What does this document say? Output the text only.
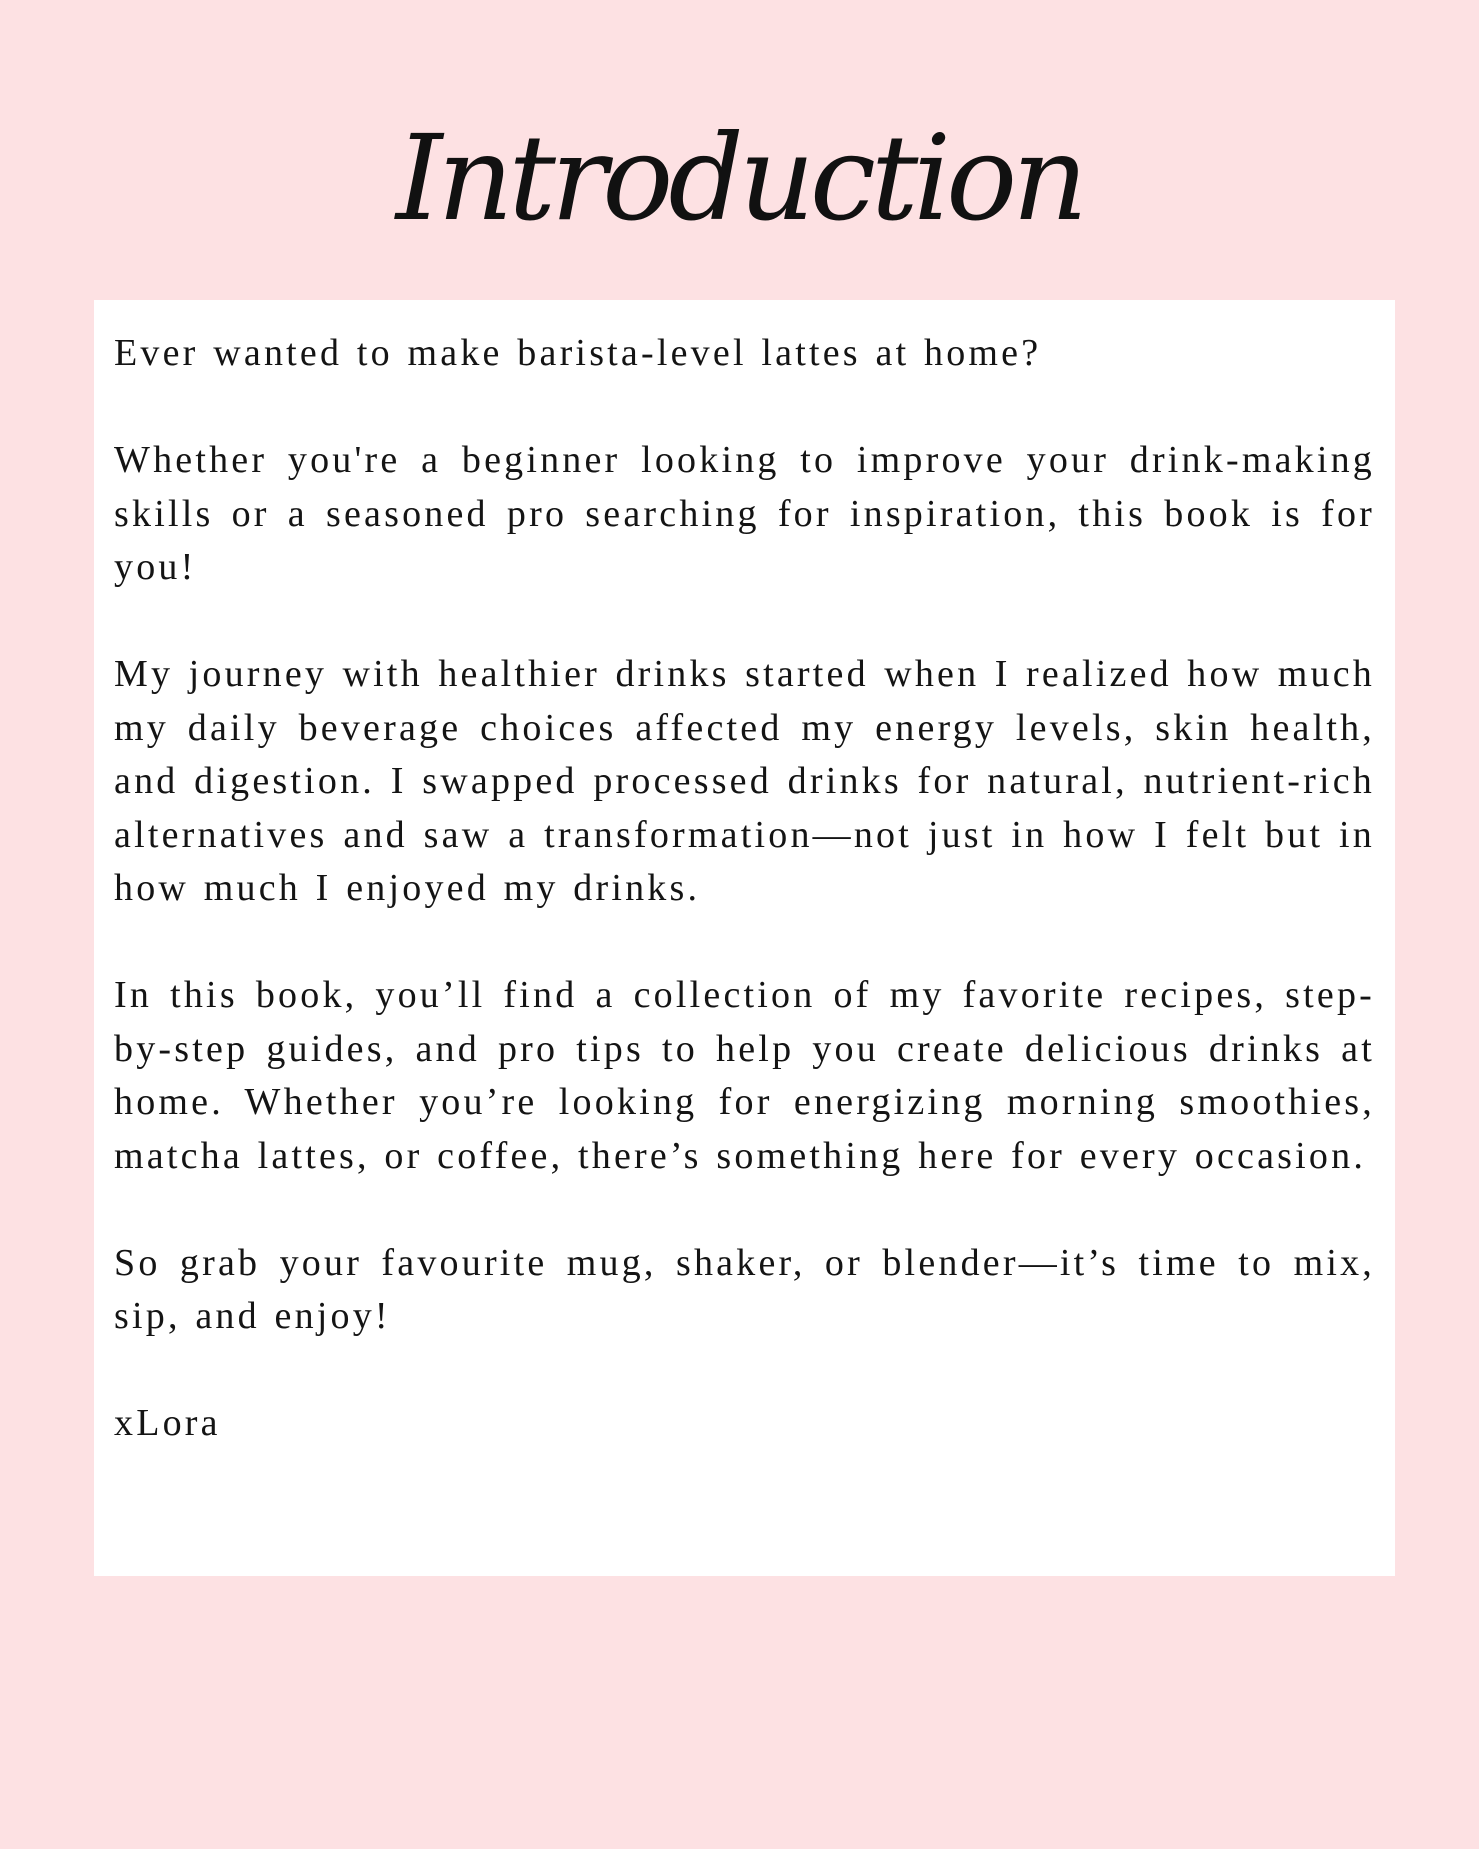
Introduction

Ever wanted to make barista-level lattes at home?

Whether you're a beginner looking to improve your drink-making skills or a seasoned pro searching for inspiration, this book is for you!

My journey with healthier drinks started when I realized how much my daily beverage choices affected my energy levels, skin health, and digestion. I swapped processed drinks for natural, nutrient-rich alternatives and saw a transformation—not just in how I felt but in how much I enjoyed my drinks.

In this book, you’ll find a collection of my favorite recipes, step-by-step guides, and pro tips to help you create delicious drinks at home. Whether you’re looking for energizing morning smoothies, matcha lattes, or coffee, there’s something here for every occasion.

So grab your favourite mug, shaker, or blender—it’s time to mix, sip, and enjoy!

xLora
